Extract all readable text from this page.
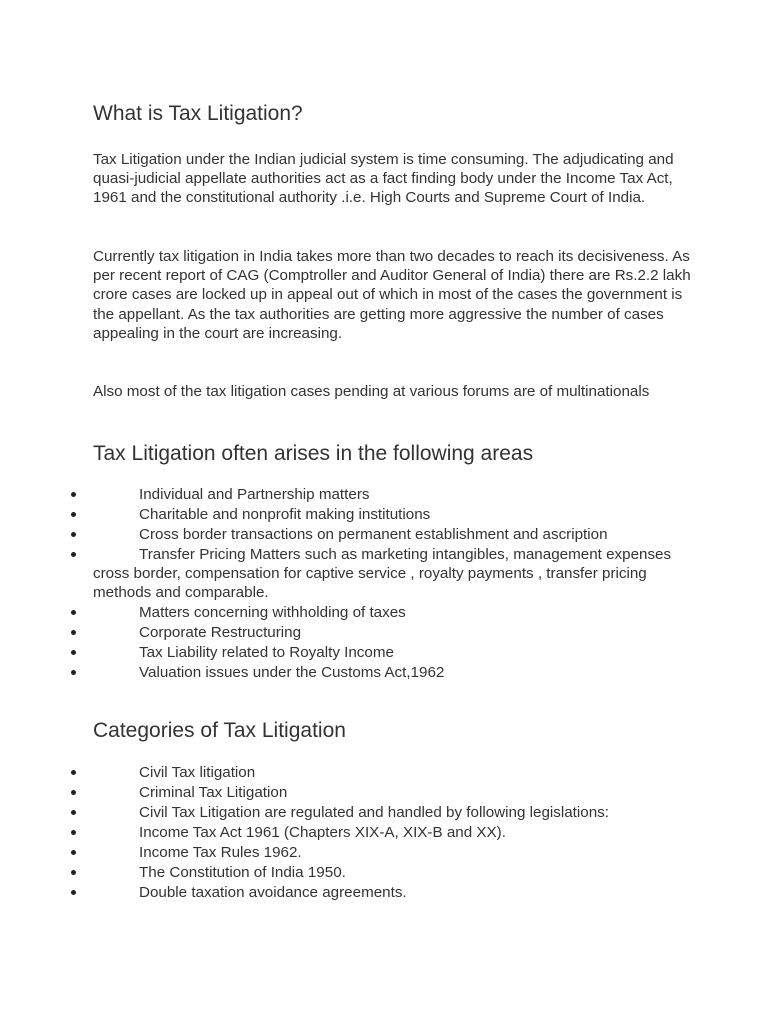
What is Tax Litigation?

Tax Litigation under the Indian judicial system is time consuming. The adjudicating and quasi-judicial appellate authorities act as a fact finding body under the Income Tax Act, 1961 and the constitutional authority .i.e. High Courts and Supreme Court of India.

Currently tax litigation in India takes more than two decades to reach its decisiveness. As per recent report of CAG (Comptroller and Auditor General of India) there are Rs.2.2 lakh crore cases are locked up in appeal out of which in most of the cases the government is the appellant. As the tax authorities are getting more aggressive the number of cases appealing in the court are increasing.

Also most of the tax litigation cases pending at various forums are of multinationals

Tax Litigation often arises in the following areas
Individual and Partnership matters
Charitable and nonprofit making institutions
Cross border transactions on permanent establishment and ascription
Transfer Pricing Matters such as marketing intangibles, management expenses cross border, compensation for captive service , royalty payments , transfer pricing methods and comparable.
Matters concerning withholding of taxes
Corporate Restructuring
Tax Liability related to Royalty Income
Valuation issues under the Customs Act,1962
Categories of Tax Litigation
Civil Tax litigation
Criminal Tax Litigation
Civil Tax Litigation are regulated and handled by following legislations:
Income Tax Act 1961 (Chapters XIX-A, XIX-B and XX).
Income Tax Rules 1962.
The Constitution of India 1950.
Double taxation avoidance agreements.
